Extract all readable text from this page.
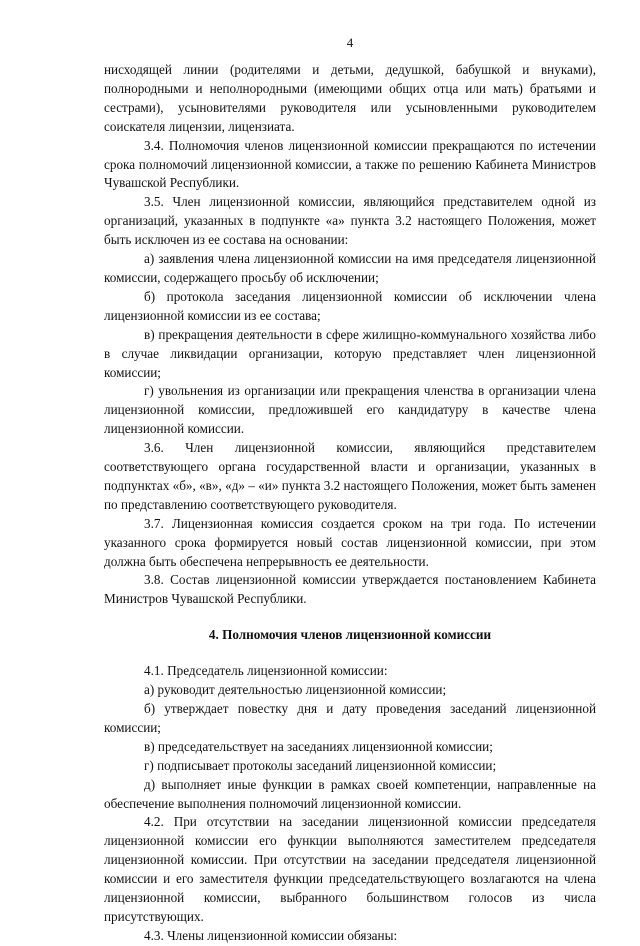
4

нисходящей линии (родителями и детьми, дедушкой, бабушкой и внуками), полнородными и неполнородными (имеющими общих отца или мать) братьями и сестрами), усыновителями руководителя или усыновленными руководителем соискателя лицензии, лицензиата.

3.4. Полномочия членов лицензионной комиссии прекращаются по истечении срока полномочий лицензионной комиссии, а также по решению Кабинета Министров Чувашской Республики.

3.5. Член лицензионной комиссии, являющийся представителем одной из организаций, указанных в подпункте «а» пункта 3.2 настоящего Положения, может быть исключен из ее состава на основании:

а) заявления члена лицензионной комиссии на имя председателя лицензионной комиссии, содержащего просьбу об исключении;

б) протокола заседания лицензионной комиссии об исключении члена лицензионной комиссии из ее состава;

в) прекращения деятельности в сфере жилищно-коммунального хозяйства либо в случае ликвидации организации, которую представляет член лицензионной комиссии;

г) увольнения из организации или прекращения членства в организации члена лицензионной комиссии, предложившей его кандидатуру в качестве члена лицензионной комиссии.

3.6. Член лицензионной комиссии, являющийся представителем соответствующего органа государственной власти и организации, указанных в подпунктах «б», «в», «д» – «и» пункта 3.2 настоящего Положения, может быть заменен по представлению соответствующего руководителя.

3.7. Лицензионная комиссия создается сроком на три года. По истечении указанного срока формируется новый состав лицензионной комиссии, при этом должна быть обеспечена непрерывность ее деятельности.

3.8. Состав лицензионной комиссии утверждается постановлением Кабинета Министров Чувашской Республики.

4. Полномочия членов лицензионной комиссии

4.1. Председатель лицензионной комиссии:

а) руководит деятельностью лицензионной комиссии;

б) утверждает повестку дня и дату проведения заседаний лицензионной комиссии;

в) председательствует на заседаниях лицензионной комиссии;

г) подписывает протоколы заседаний лицензионной комиссии;

д) выполняет иные функции в рамках своей компетенции, направленные на обеспечение выполнения полномочий лицензионной комиссии.

4.2. При отсутствии на заседании лицензионной комиссии председателя лицензионной комиссии его функции выполняются заместителем председателя лицензионной комиссии. При отсутствии на заседании председателя лицензионной комиссии и его заместителя функции председательствующего возлагаются на члена лицензионной комиссии, выбранного большинством голосов из числа присутствующих.

4.3. Члены лицензионной комиссии обязаны:
